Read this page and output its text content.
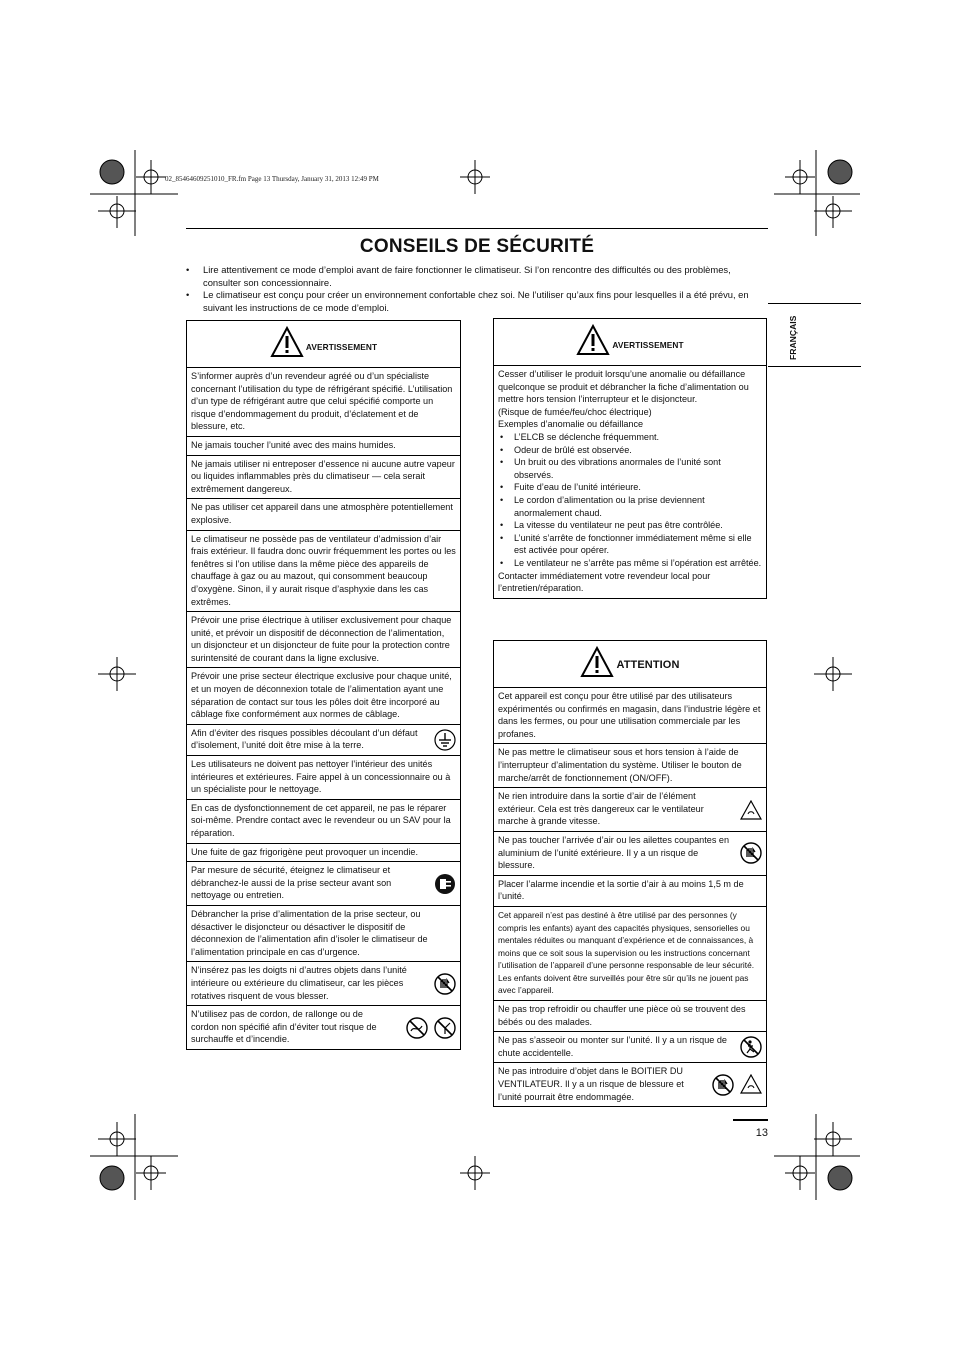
02_85464609251010_FR.fm Page 13 Thursday, January 31, 2013 12:49 PM
CONSEILS DE SÉCURITÉ
• Lire attentivement ce mode d’emploi avant de faire fonctionner le climatiseur. Si l’on rencontre des difficultés ou des problèmes, consulter son concessionnaire.
• Le climatiseur est conçu pour créer un environnement confortable chez soi. Ne l’utiliser qu’aux fins pour lesquelles il a été prévu, en suivant les instructions de ce mode d’emploi.
FRANÇAIS
AVERTISSEMENT
S’informer auprès d’un revendeur agréé ou d’un spécialiste concernant l’utilisation du type de réfrigérant spécifié. L’utilisation d’un type de réfrigérant autre que celui spécifié comporte un risque d’endommagement du produit, d’éclatement et de blessure, etc.
Ne jamais toucher l’unité avec des mains humides.
Ne jamais utiliser ni entreposer d’essence ni aucune autre vapeur ou liquides inflammables près du climatiseur — cela serait extrêmement dangereux.
Ne pas utiliser cet appareil dans une atmosphère potentiellement explosive.
Le climatiseur ne possède pas de ventilateur d’admission d’air frais extérieur. Il faudra donc ouvrir fréquemment les portes ou les fenêtres si l’on utilise dans la même pièce des appareils de chauffage à gaz ou au mazout, qui consomment beaucoup d’oxygène. Sinon, il y aurait risque d’asphyxie dans les cas extrêmes.
Prévoir une prise électrique à utiliser exclusivement pour chaque unité, et prévoir un dispositif de déconnection de l’alimentation, un disjoncteur et un disjoncteur de fuite pour la protection contre surintensité de courant dans la ligne exclusive.
Prévoir une prise secteur électrique exclusive pour chaque unité, et un moyen de déconnexion totale de l’alimentation ayant une séparation de contact sur tous les pôles doit être incorporé au câblage fixe conformément aux normes de câblage.
Afin d’éviter des risques possibles découlant d’un défaut d’isolement, l’unité doit être mise à la terre.
Les utilisateurs ne doivent pas nettoyer l’intérieur des unités intérieures et extérieures. Faire appel à un concessionnaire ou à un spécialiste pour le nettoyage.
En cas de dysfonctionnement de cet appareil, ne pas le réparer soi-même. Prendre contact avec le revendeur ou un SAV pour la réparation.
Une fuite de gaz frigorigène peut provoquer un incendie.
Par mesure de sécurité, éteignez le climatiseur et débranchez-le aussi de la prise secteur avant son nettoyage ou entretien.
Débrancher la prise d’alimentation de la prise secteur, ou désactiver le disjoncteur ou désactiver le dispositif de déconnexion de l’alimentation afin d’isoler le climatiseur de l’alimentation principale en cas d’urgence.
N’insérez pas les doigts ni d’autres objets dans l’unité intérieure ou extérieure du climatiseur, car les pièces rotatives risquent de vous blesser.
N’utilisez pas de cordon, de rallonge ou de cordon non spécifié afin d’éviter tout risque de surchauffe et d’incendie.
AVERTISSEMENT
Cesser d’utiliser le produit lorsqu’une anomalie ou défaillance quelconque se produit et débrancher la fiche d’alimentation ou mettre hors tension l’interrupteur et le disjoncteur.
(Risque de fumée/feu/choc électrique)
Exemples d’anomalie ou défaillance
• L’ELCB se déclenche fréquemment.
• Odeur de brûlé est observée.
• Un bruit ou des vibrations anormales de l’unité sont observés.
• Fuite d’eau de l’unité intérieure.
• Le cordon d’alimentation ou la prise deviennent anormalement chaud.
• La vitesse du ventilateur ne peut pas être contrôlée.
• L’unité s’arrête de fonctionner immédiatement même si elle est activée pour opérer.
• Le ventilateur ne s’arrête pas même si l’opération est arrêtée.
Contacter immédiatement votre revendeur local pour l’entretien/réparation.
ATTENTION
Cet appareil est conçu pour être utilisé par des utilisateurs expérimentés ou confirmés en magasin, dans l’industrie légère et dans les fermes, ou pour une utilisation commerciale par les profanes.
Ne pas mettre le climatiseur sous et hors tension à l’aide de l’interrupteur d’alimentation du système. Utiliser le bouton de marche/arrêt de fonctionnement (ON/OFF).
Ne rien introduire dans la sortie d’air de l’élément extérieur. Cela est très dangereux car le ventilateur marche à grande vitesse.
Ne pas toucher l’arrivée d’air ou les ailettes coupantes en aluminium de l’unité extérieure. Il y a un risque de blessure.
Placer l’alarme incendie et la sortie d’air à au moins 1,5 m de l’unité.
Cet appareil n’est pas destiné à être utilisé par des personnes (y compris les enfants) ayant des capacités physiques, sensorielles ou mentales réduites ou manquant d’expérience et de connaissances, à moins que ce soit sous la supervision ou les instructions concernant l’utilisation de l’appareil d’une personne responsable de leur sécurité. Les enfants doivent être surveillés pour être sûr qu’ils ne jouent pas avec l’appareil.
Ne pas trop refroidir ou chauffer une pièce où se trouvent des bébés ou des malades.
Ne pas s’asseoir ou monter sur l’unité. Il y a un risque de chute accidentelle.
Ne pas introduire d’objet dans le BOITIER DU VENTILATEUR. Il y a un risque de blessure et l’unité pourrait être endommagée.
13
